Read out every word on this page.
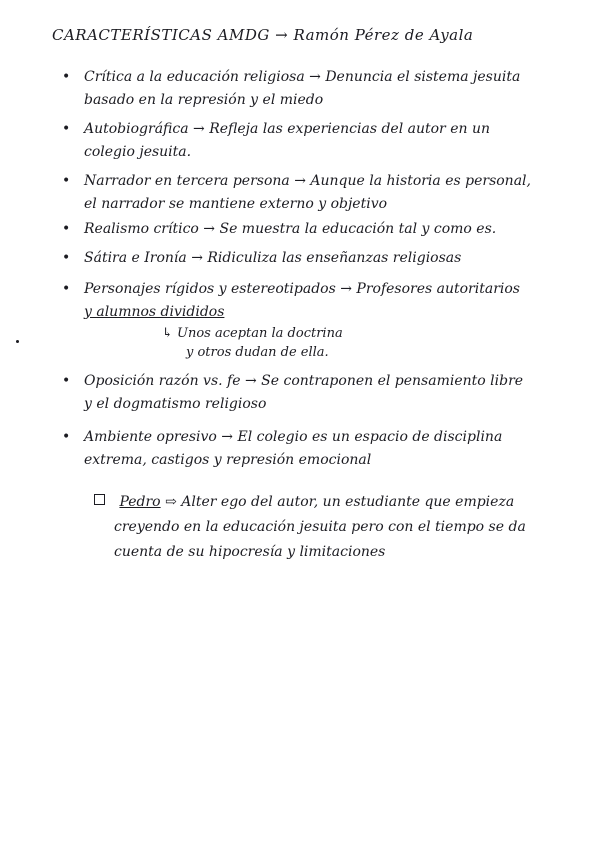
CARACTERÍSTICAS AMDG → Ramón Pérez de Ayala
• Crítica a la educación religiosa → Denuncia el sistema jesuita
basado en la represión y el miedo
• Autobiográfica → Refleja las experiencias del autor en un
colegio jesuita.
• Narrador en tercera persona → Aunque la historia es personal,
el narrador se mantiene externo y objetivo
• Realismo crítico → Se muestra la educación tal y como es.
• Sátira e Ironía → Ridiculiza las enseñanzas religiosas
• Personajes rígidos y estereotipados → Profesores autoritarios
y alumnos divididos
↳ Unos aceptan la doctrina
y otros dudan de ella.
• Oposición razón vs. fe → Se contraponen el pensamiento libre
y el dogmatismo religioso
• Ambiente opresivo → El colegio es un espacio de disciplina
extrema, castigos y represión emocional
Pedro ⇨ Alter ego del autor, un estudiante que empieza
creyendo en la educación jesuita pero con el tiempo se da
cuenta de su hipocresía y limitaciones
